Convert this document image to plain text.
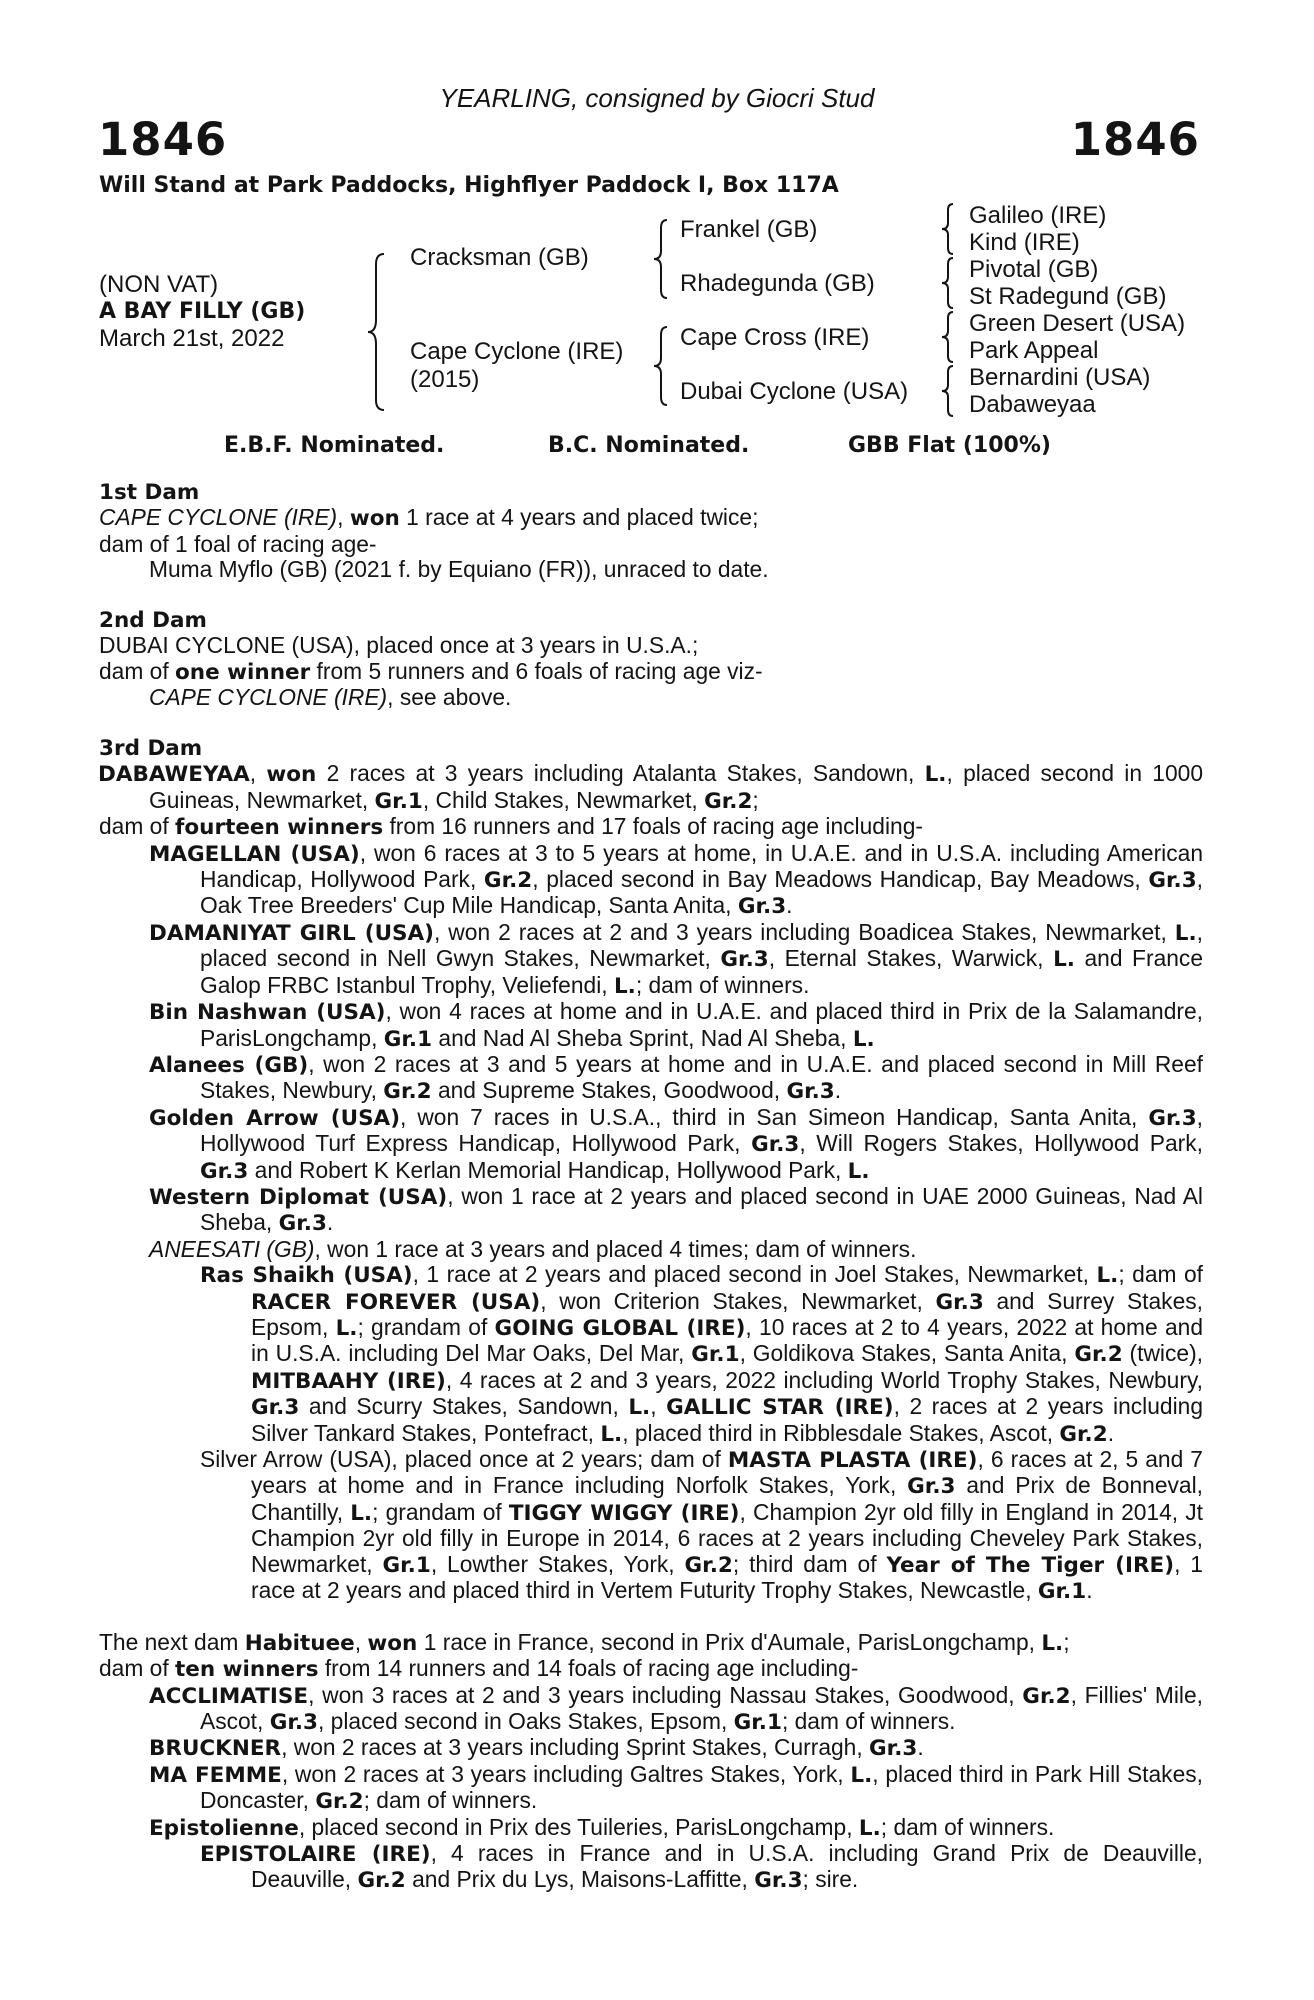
YEARLING, consigned by Giocri Stud
1846	1846
Will Stand at Park Paddocks, Highflyer Paddock I, Box 117A
(NON VAT)
A BAY FILLY (GB)
March 21st, 2022
Cracksman (GB)
Cape Cyclone (IRE)
(2015)
Frankel (GB)
Rhadegunda (GB)
Cape Cross (IRE)
Dubai Cyclone (USA)
Galileo (IRE)
Kind (IRE)
Pivotal (GB)
St Radegund (GB)
Green Desert (USA)
Park Appeal
Bernardini (USA)
Dabaweyaa
E.B.F. Nominated.	B.C. Nominated.	GBB Flat (100%)

1st Dam

CAPE CYCLONE (IRE), won 1 race at 4 years and placed twice;

dam of 1 foal of racing age-

Muma Myflo (GB) (2021 f. by Equiano (FR)), unraced to date.

2nd Dam

DUBAI CYCLONE (USA), placed once at 3 years in U.S.A.;

dam of one winner from 5 runners and 6 foals of racing age viz-

CAPE CYCLONE (IRE), see above.

3rd Dam

DABAWEYAA, won 2 races at 3 years including Atalanta Stakes, Sandown, L., placed second in 1000 Guineas, Newmarket, Gr.1, Child Stakes, Newmarket, Gr.2;

dam of fourteen winners from 16 runners and 17 foals of racing age including-

MAGELLAN (USA), won 6 races at 3 to 5 years at home, in U.A.E. and in U.S.A. including American Handicap, Hollywood Park, Gr.2, placed second in Bay Meadows Handicap, Bay Meadows, Gr.3, Oak Tree Breeders' Cup Mile Handicap, Santa Anita, Gr.3.

DAMANIYAT GIRL (USA), won 2 races at 2 and 3 years including Boadicea Stakes, Newmarket, L., placed second in Nell Gwyn Stakes, Newmarket, Gr.3, Eternal Stakes, Warwick, L. and France Galop FRBC Istanbul Trophy, Veliefendi, L.; dam of winners.

Bin Nashwan (USA), won 4 races at home and in U.A.E. and placed third in Prix de la Salamandre, ParisLongchamp, Gr.1 and Nad Al Sheba Sprint, Nad Al Sheba, L.

Alanees (GB), won 2 races at 3 and 5 years at home and in U.A.E. and placed second in Mill Reef Stakes, Newbury, Gr.2 and Supreme Stakes, Goodwood, Gr.3.

Golden Arrow (USA), won 7 races in U.S.A., third in San Simeon Handicap, Santa Anita, Gr.3, Hollywood Turf Express Handicap, Hollywood Park, Gr.3, Will Rogers Stakes, Hollywood Park, Gr.3 and Robert K Kerlan Memorial Handicap, Hollywood Park, L.

Western Diplomat (USA), won 1 race at 2 years and placed second in UAE 2000 Guineas, Nad Al Sheba, Gr.3.

ANEESATI (GB), won 1 race at 3 years and placed 4 times; dam of winners.

Ras Shaikh (USA), 1 race at 2 years and placed second in Joel Stakes, Newmarket, L.; dam of RACER FOREVER (USA), won Criterion Stakes, Newmarket, Gr.3 and Surrey Stakes, Epsom, L.; grandam of GOING GLOBAL (IRE), 10 races at 2 to 4 years, 2022 at home and in U.S.A. including Del Mar Oaks, Del Mar, Gr.1, Goldikova Stakes, Santa Anita, Gr.2 (twice), MITBAAHY (IRE), 4 races at 2 and 3 years, 2022 including World Trophy Stakes, Newbury, Gr.3 and Scurry Stakes, Sandown, L., GALLIC STAR (IRE), 2 races at 2 years including Silver Tankard Stakes, Pontefract, L., placed third in Ribblesdale Stakes, Ascot, Gr.2.

Silver Arrow (USA), placed once at 2 years; dam of MASTA PLASTA (IRE), 6 races at 2, 5 and 7 years at home and in France including Norfolk Stakes, York, Gr.3 and Prix de Bonneval, Chantilly, L.; grandam of TIGGY WIGGY (IRE), Champion 2yr old filly in England in 2014, Jt Champion 2yr old filly in Europe in 2014, 6 races at 2 years including Cheveley Park Stakes, Newmarket, Gr.1, Lowther Stakes, York, Gr.2; third dam of Year of The Tiger (IRE), 1 race at 2 years and placed third in Vertem Futurity Trophy Stakes, Newcastle, Gr.1.

The next dam Habituee, won 1 race in France, second in Prix d'Aumale, ParisLongchamp, L.;

dam of ten winners from 14 runners and 14 foals of racing age including-

ACCLIMATISE, won 3 races at 2 and 3 years including Nassau Stakes, Goodwood, Gr.2, Fillies' Mile, Ascot, Gr.3, placed second in Oaks Stakes, Epsom, Gr.1; dam of winners.

BRUCKNER, won 2 races at 3 years including Sprint Stakes, Curragh, Gr.3.

MA FEMME, won 2 races at 3 years including Galtres Stakes, York, L., placed third in Park Hill Stakes, Doncaster, Gr.2; dam of winners.

Epistolienne, placed second in Prix des Tuileries, ParisLongchamp, L.; dam of winners.

EPISTOLAIRE (IRE), 4 races in France and in U.S.A. including Grand Prix de Deauville, Deauville, Gr.2 and Prix du Lys, Maisons-Laffitte, Gr.3; sire.
